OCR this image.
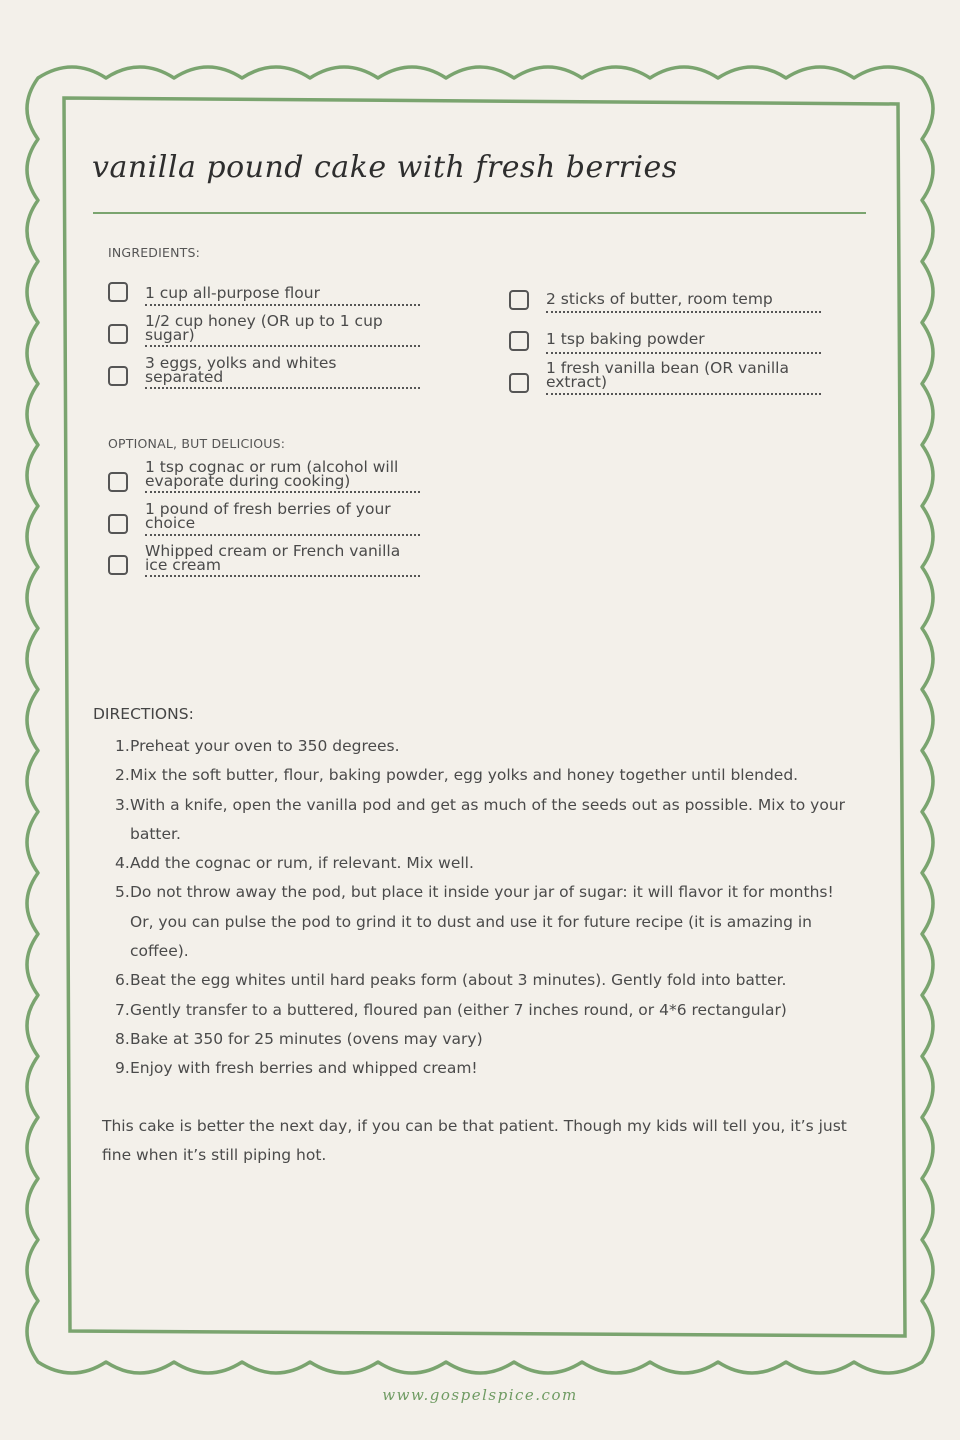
vanilla pound cake with fresh berries
INGREDIENTS:
1 cup all-purpose flour
1/2 cup honey (OR up to 1 cup
sugar)
3 eggs, yolks and whites
separated
2 sticks of butter, room temp
1 tsp baking powder
1 fresh vanilla bean (OR vanilla
extract)
OPTIONAL, BUT DELICIOUS:
1 tsp cognac or rum (alcohol will
evaporate during cooking)
1 pound of fresh berries of your
choice
Whipped cream or French vanilla
ice cream
DIRECTIONS:
Preheat your oven to 350 degrees.
Mix the soft butter, flour, baking powder, egg yolks and honey together until blended.
With a knife, open the vanilla pod and get as much of the seeds out as possible. Mix to your batter.
Add the cognac or rum, if relevant. Mix well.
Do not throw away the pod, but place it inside your jar of sugar: it will flavor it for months! Or, you can pulse the pod to grind it to dust and use it for future recipe (it is amazing in coffee).
Beat the egg whites until hard peaks form (about 3 minutes). Gently fold into batter.
Gently transfer to a buttered, floured pan (either 7 inches round, or 4*6 rectangular)
Bake at 350 for 25 minutes (ovens may vary)
Enjoy with fresh berries and whipped cream!
This cake is better the next day, if you can be that patient. Though my kids will tell you, it’s just fine when it’s still piping hot.
www.gospelspice.com
